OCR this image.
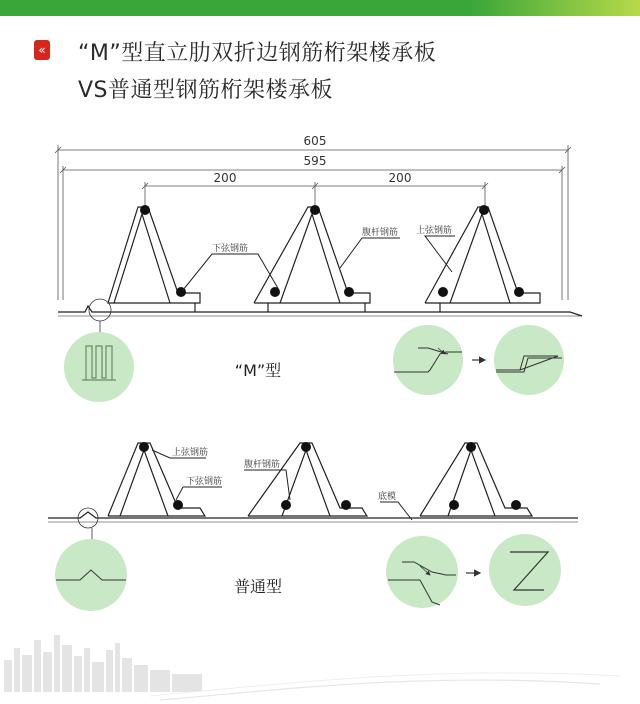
« “M”型直立肋双折边钢筋桁架楼承板
VS普通型钢筋桁架楼承板
605
595
200	200
下弦钢筋
腹杆钢筋 上弦钢筋
“M”型
上弦钢筋
下弦钢筋
腹杆钢筋
底模
普通型
